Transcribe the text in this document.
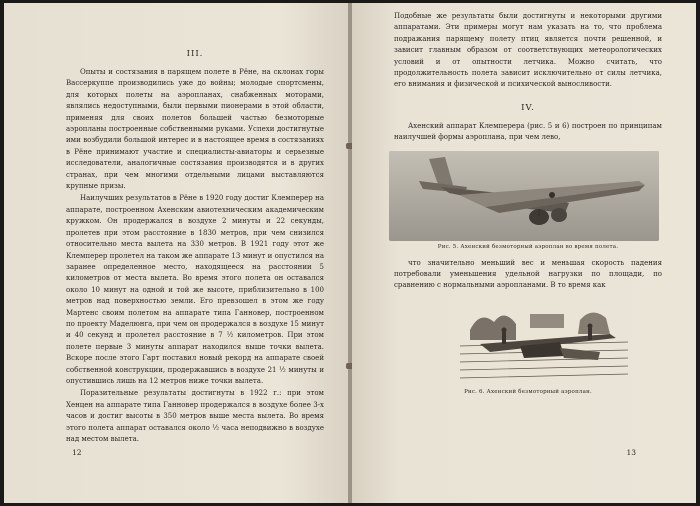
III.

Опыты и состязания в парящем полете в Рёне, на склонах горы Вассеркуппе производились уже до войны; молодые спортсмены, для которых полеты на аэропланах, снабженных моторами, являлись недоступными, были первыми пионерами в этой области, применяя для своих полетов большей частью безмоторные аэропланы построенные собственными руками. Успехи достигнутые ими возбудили большой интерес и в настоящее время в состязаниях в Рёне принимают участие и специалисты-авиаторы и серьезные исследователи, аналогичные состязания производятся и в других странах, при чем многими отдельными лицами выставляются крупные призы.

Наилучших результатов в Рёне в 1920 году достиг Клемперер на аппарате, построенном Ахенским авиотехническим академическим кружком. Он продержался в воздухе 2 минуты и 22 секунды, пролетев при этом расстояние в 1830 метров, при чем снизился относительно места вылета на 330 метров. В 1921 году этот же Клемперер пролетел на таком же аппарате 13 минут и опустился на заранее определенное место, находящееся на расстоянии 5 километров от места вылета. Во время этого полета он оставался около 10 минут на одной и той же высоте, приблизительно в 100 метров над поверхностью земли. Его превзошел в этом же году Мартенс своим полетом на аппарате типа Ганновер, построенном по проекту Маделюнга, при чем он продержался в воздухе 15 минут и 40 секунд и пролетел расстояние в 7 ½ километров. При этом полете первые 3 минуты аппарат находился выше точки вылета. Вскоре после этого Гарт поставил новый рекорд на аппарате своей собственной конструкции, продержавшись в воздухе 21 ½ минуты и опустившись лишь на 12 метров ниже точки вылета.

Поразительные результаты достигнуты в 1922 г.: при этом Хенцен на аппарате типа Ганновер продержался в воздухе более 3-х часов и достиг высоты в 350 метров выше места вылета. Во время этого полета аппарат оставался около ½ часа неподвижно в воздухе над местом вылета.

12

Подобные же результаты были достигнуты и некоторыми другими аппаратами. Эти примеры могут нам указать на то, что проблема подражания парящему полету птиц является почти решенной, и зависит главным образом от соответствующих метеорологических условий и от опытности летчика. Можно считать, что продолжительность полета зависит исключительно от силы летчика, его внимания и физической и психической выносливости.

IV.

Ахенский аппарат Клемперера (рис. 5 и 6) построен по принципам наилучшей формы аэроплана, при чем лево,

Рис. 5. Ахенский безмоторный аэроплан во время полета.

что значительно меньший вес и меньшая скорость падения потребовали уменьшения удельной нагрузки по площади, по сравнению с нормальными аэропланами. В то время как

Рис. 6. Ахенский безмоторный аэроплан.

13
